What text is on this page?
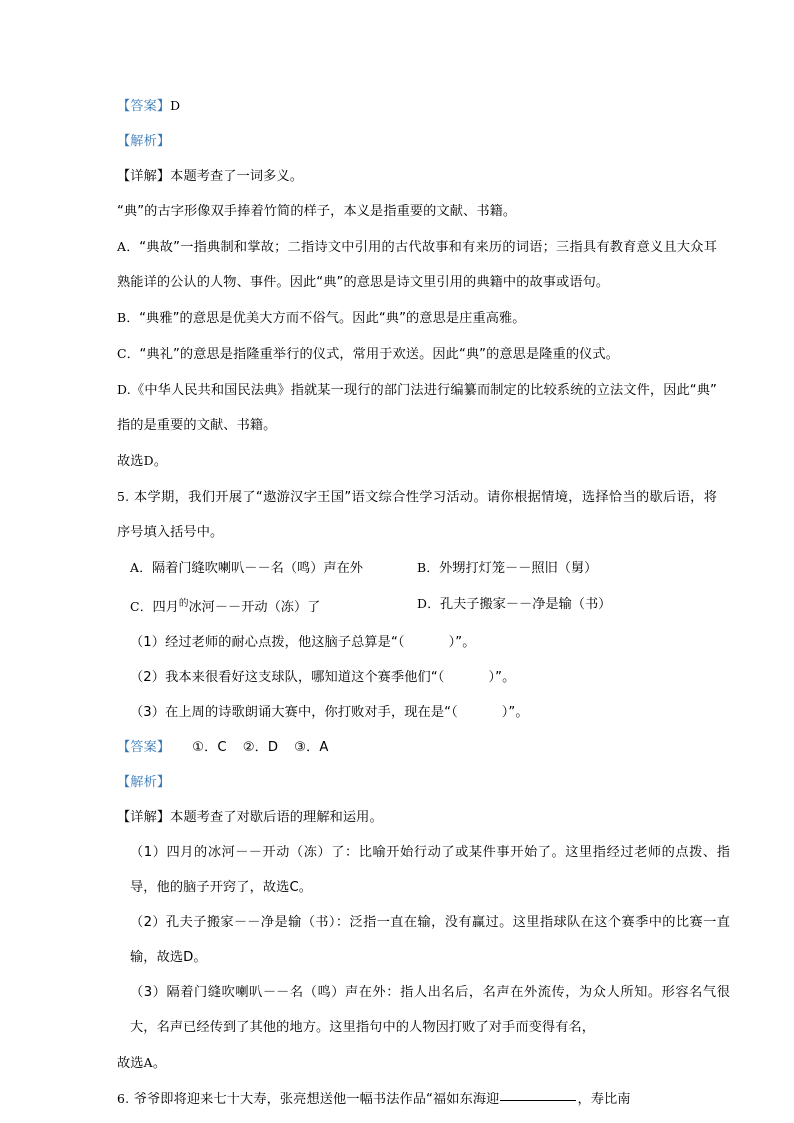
【答案】D
【解析】
【详解】本题考查了一词多义。
“典”的古字形像双手捧着竹简的样子，本义是指重要的文献、书籍。
A．“典故”一指典制和掌故；二指诗文中引用的古代故事和有来历的词语；三指具有教育意义且大众耳熟能详的公认的人物、事件。因此“典”的意思是诗文里引用的典籍中的故事或语句。
B．“典雅”的意思是优美大方而不俗气。因此“典”的意思是庄重高雅。
C．“典礼”的意思是指隆重举行的仪式，常用于欢送。因此“典”的意思是隆重的仪式。
D.《中华人民共和国民法典》指就某一现行的部门法进行编纂而制定的比较系统的立法文件，因此“典”指的是重要的文献、书籍。
故选D。
5. 本学期，我们开展了“遨游汉字王国”语文综合性学习活动。请你根据情境，选择恰当的歇后语，将序号填入括号中。
A．隔着门缝吹喇叭－－名（鸣）声在外	B．外甥打灯笼－－照旧（舅）
C．四月$^的$冰河－－开动（冻）了	D．孔夫子搬家－－净是输（书）
（1）经过老师的耐心点拨，他这脑子总算是“（	）”。
（2）我本来很看好这支球队，哪知道这个赛季他们“（	）”。
（3）在上周的诗歌朗诵大赛中，你打败对手，现在是“（	）”。
【答案】 ①．C ②．D ③．A
【解析】
【详解】本题考查了对歇后语的理解和运用。
（1）四月的冰河－－开动（冻）了：比喻开始行动了或某件事开始了。这里指经过老师的点拨、指导，他的脑子开窍了，故选C。
（2）孔夫子搬家－－净是输（书）：泛指一直在输，没有赢过。这里指球队在这个赛季中的比赛一直输，故选D。
（3）隔着门缝吹喇叭－－名（鸣）声在外：指人出名后，名声在外流传，为众人所知。形容名气很大，名声已经传到了其他的地方。这里指句中的人物因打败了对手而变得有名，
故选A。
6. 爷爷即将迎来七十大寿，张亮想送他一幅书法作品“福如东海迎	，寿比南
